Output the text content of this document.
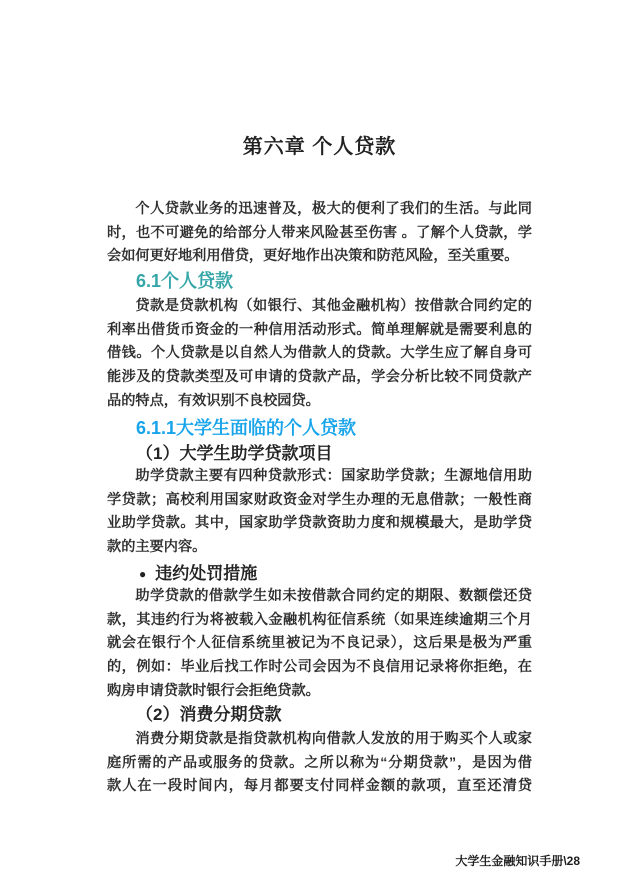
第六章 个人贷款
个人贷款业务的迅速普及，极大的便利了我们的生活。与此同
时，也不可避免的给部分人带来风险甚至伤害 。了解个人贷款，学
会如何更好地利用借贷，更好地作出决策和防范风险，至关重要。
6.1个人贷款
贷款是贷款机构（如银行、其他金融机构）按借款合同约定的
利率出借货币资金的一种信用活动形式。简单理解就是需要利息的
借钱。个人贷款是以自然人为借款人的贷款。大学生应了解自身可
能涉及的贷款类型及可申请的贷款产品，学会分析比较不同贷款产
品的特点，有效识别不良校园贷。
6.1.1大学生面临的个人贷款
（1）大学生助学贷款项目
助学贷款主要有四种贷款形式：国家助学贷款；生源地信用助
学贷款；高校利用国家财政资金对学生办理的无息借款；一般性商
业助学贷款。其中，国家助学贷款资助力度和规模最大，是助学贷
款的主要内容。
● 违约处罚措施
助学贷款的借款学生如未按借款合同约定的期限、数额偿还贷
款，其违约行为将被载入金融机构征信系统（如果连续逾期三个月
就会在银行个人征信系统里被记为不良记录），这后果是极为严重
的，例如：毕业后找工作时公司会因为不良信用记录将你拒绝，在
购房申请贷款时银行会拒绝贷款。
（2）消费分期贷款
消费分期贷款是指贷款机构向借款人发放的用于购买个人或家
庭所需的产品或服务的贷款。之所以称为“分期贷款”，是因为借
款人在一段时间内，每月都要支付同样金额的款项，直至还清贷
大学生金融知识手册\28
